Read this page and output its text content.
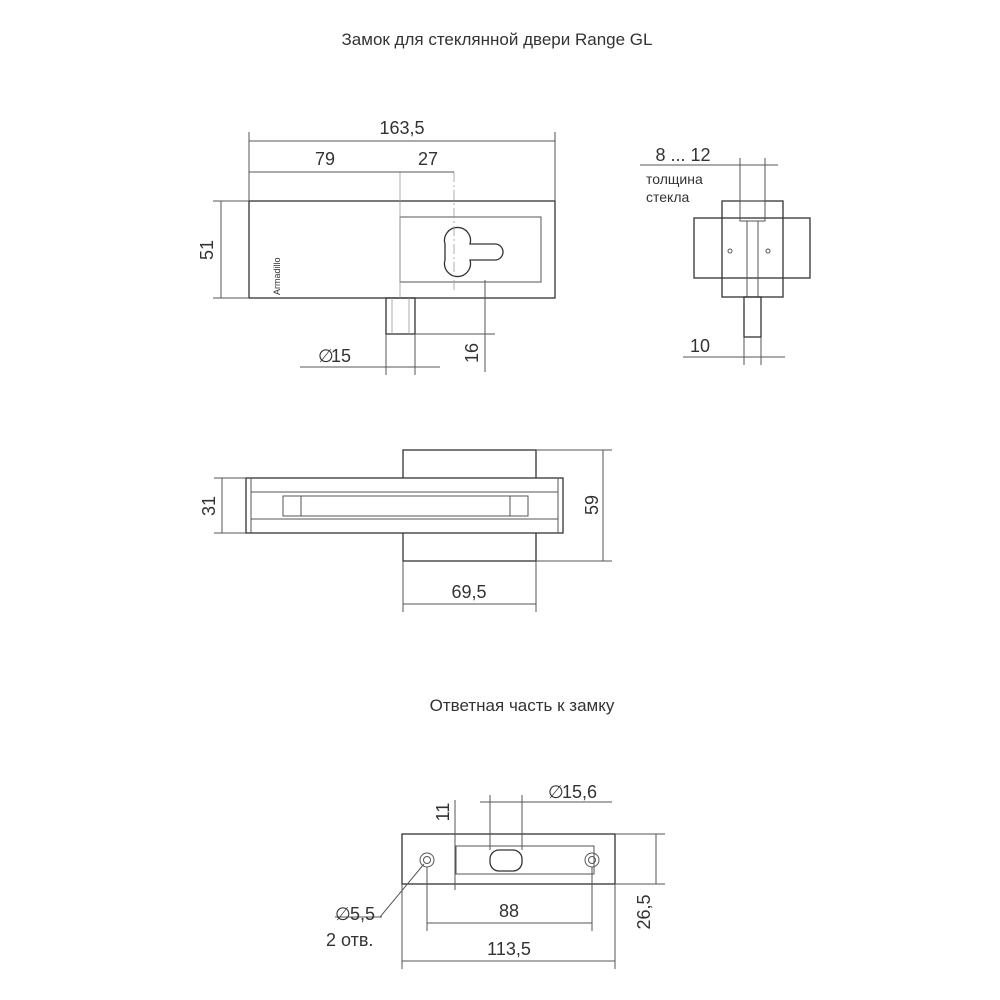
Замок для стеклянной двери Range GL
Ответная часть к замку
Armadillo
163,5
79	27
51
∅
15	16
8 ... 12
толщина
стекла
10
31	59
69,5
11
∅
15,6
∅ 5,5
2 отв.
88
113,5
26,5
